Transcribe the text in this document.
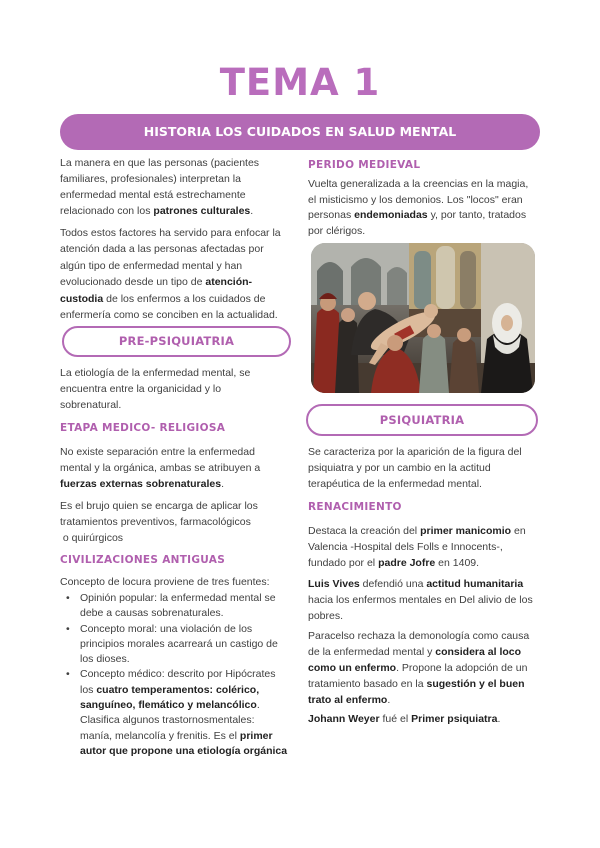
TEMA 1
HISTORIA LOS CUIDADOS EN SALUD MENTAL

La manera en que las personas (pacientes
familiares, profesionales) interpretan la
enfermedad mental está estrechamente
relacionado con los patrones culturales.

Todos estos factores ha servido para enfocar la
atención dada a las personas afectadas por
algún tipo de enfermedad mental y han
evolucionado desde un tipo de atención-
custodia de los enfermos a los cuidados de
enfermería como se conciben en la actualidad.

PRE-PSIQUIATRIA

La etiología de la enfermedad mental, se
encuentra entre la organicidad y lo
sobrenatural.

ETAPA MEDICO- RELIGIOSA

No existe separación entre la enfermedad
mental y la orgánica, ambas se atribuyen a
fuerzas externas sobrenaturales.

Es el brujo quien se encarga de aplicar los
tratamientos preventivos, farmacológicos
o quirúrgicos

CIVILIZACIONES ANTIGUAS

Concepto de locura proviene de tres fuentes:

• Opinión popular: la enfermedad mental se
debe a causas sobrenaturales.
• Concepto moral: una violación de los
principios morales acarreará un castigo de
los dioses.
• Concepto médico: descrito por Hipócrates
los cuatro temperamentos: colérico,
sanguíneo, flemático y melancólico.
Clasifica algunos trastornosmentales:
manía, melancolía y frenitis. Es el primer
autor que propone una etiología orgánica
PERIDO MEDIEVAL

Vuelta generalizada a la creencias en la magia,
el misticismo y los demonios. Los "locos" eran
personas endemoniadas y, por tanto, tratados
por clérigos.

PSIQUIATRIA

Se caracteriza por la aparición de la figura del
psiquiatra y por un cambio en la actitud
terapéutica de la enfermedad mental.

RENACIMIENTO

Destaca la creación del primer manicomio en
Valencia -Hospital dels Folls e Innocents-,
fundado por el padre Jofre en 1409.

Luis Vives defendió una actitud humanitaria
hacia los enfermos mentales en Del alivio de los
pobres.

Paracelso rechaza la demonología como causa
de la enfermedad mental y considera al loco
como un enfermo. Propone la adopción de un
tratamiento basado en la sugestión y el buen
trato al enfermo.

Johann Weyer fué el Primer psiquiatra.
